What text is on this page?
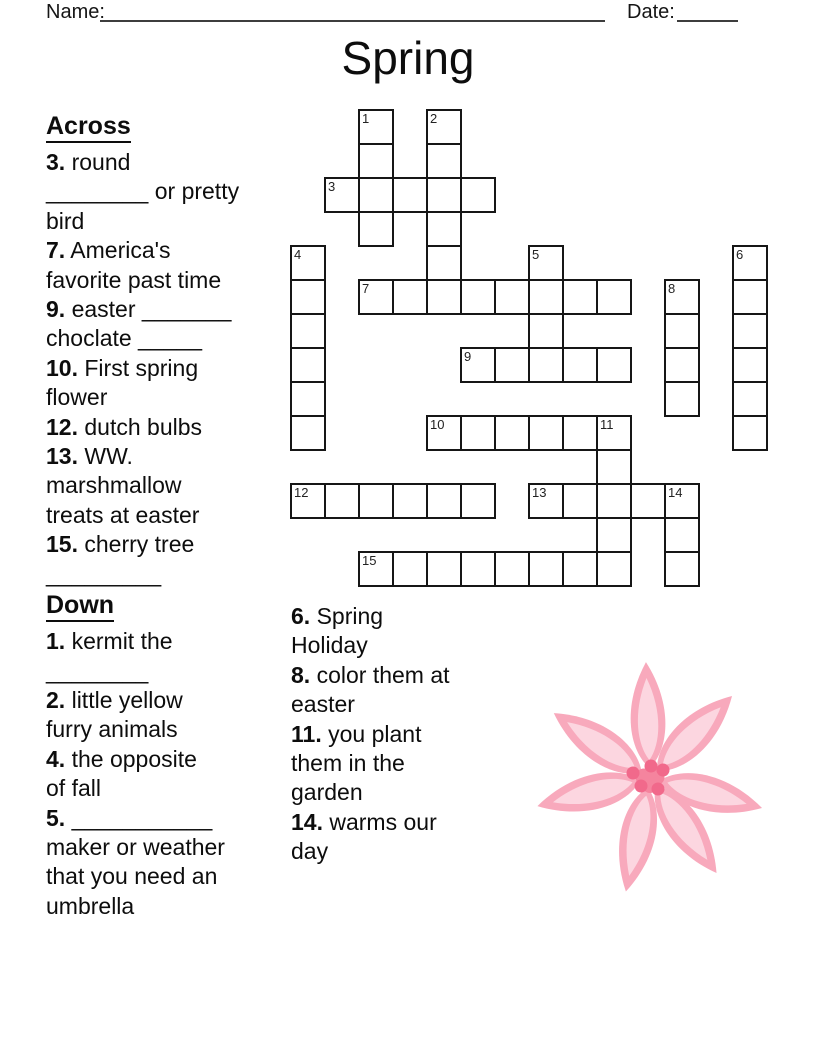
Name:	Date:
Spring
Across
3. round
________ or pretty
bird
7. America's
favorite past time
9. easter _______
choclate _____
10. First spring
flower
12. dutch bulbs
13. WW.
marshmallow
treats at easter
15. cherry tree
_________
Down
1. kermit the
________
2. little yellow
furry animals
4. the opposite
of fall
5. ___________
maker or weather
that you need an
umbrella
6. Spring
Holiday
8. color them at
easter
11. you plant
them in the
garden
14. warms our
day
1	2
3
4	5	6
7	8
9
10	11
12	13	14
15
